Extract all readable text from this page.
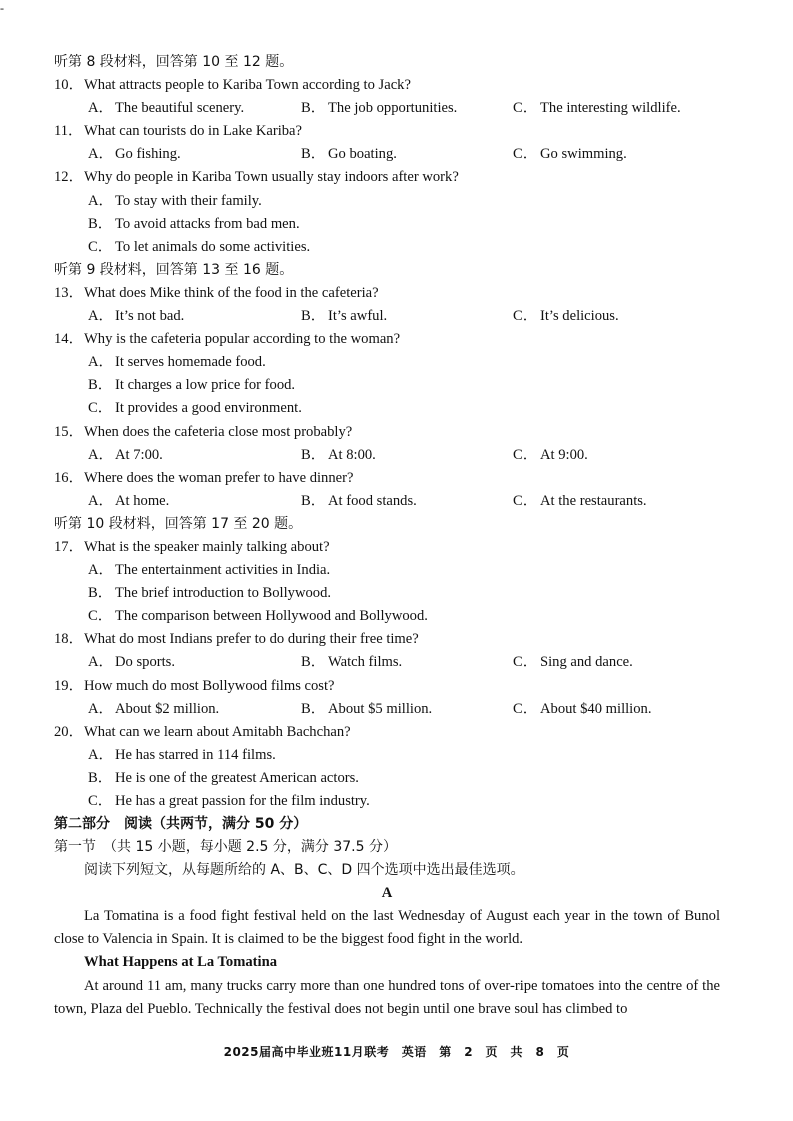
-
听第 8 段材料，回答第 10 至 12 题。
10．What attracts people to Kariba Town according to Jack?
A． The beautiful scenery.	B． The job opportunities.	C． The interesting wildlife.
11．What can tourists do in Lake Kariba?
A． Go fishing.	B． Go boating.	C． Go swimming.
12．Why do people in Kariba Town usually stay indoors after work?
A． To stay with their family.
B． To avoid attacks from bad men.
C． To let animals do some activities.
听第 9 段材料，回答第 13 至 16 题。
13．What does Mike think of the food in the cafeteria?
A． It’s not bad.	B． It’s awful.	C． It’s delicious.
14．Why is the cafeteria popular according to the woman?
A． It serves homemade food.
B． It charges a low price for food.
C． It provides a good environment.
15．When does the cafeteria close most probably?
A． At 7:00.	B． At 8:00.	C． At 9:00.
16．Where does the woman prefer to have dinner?
A． At home.	B． At food stands.	C． At the restaurants.
听第 10 段材料，回答第 17 至 20 题。
17．What is the speaker mainly talking about?
A． The entertainment activities in India.
B． The brief introduction to Bollywood.
C． The comparison between Hollywood and Bollywood.
18．What do most Indians prefer to do during their free time?
A． Do sports.	B． Watch films.	C． Sing and dance.
19．How much do most Bollywood films cost?
A． About $2 million.	B． About $5 million.	C． About $40 million.
20．What can we learn about Amitabh Bachchan?
A． He has starred in 114 films.
B． He is one of the greatest American actors.
C． He has a great passion for the film industry.
第二部分　阅读（共两节，满分 50 分）
第一节　（共 15 小题，每小题 2.5 分，满分 37.5 分）
阅读下列短文，从每题所给的 A、B、C、D 四个选项中选出最佳选项。
A

La Tomatina is a food fight festival held on the last Wednesday of August each year in the town of Bunol close to Valencia in Spain. It is claimed to be the biggest food fight in the world.

What Happens at La Tomatina

At around 11 am, many trucks carry more than one hundred tons of over-ripe tomatoes into the centre of the town, Plaza del Pueblo. Technically the festival does not begin until one brave soul has climbed to

2025届高中毕业班11月联考　英语　第　2　页　共　8　页
